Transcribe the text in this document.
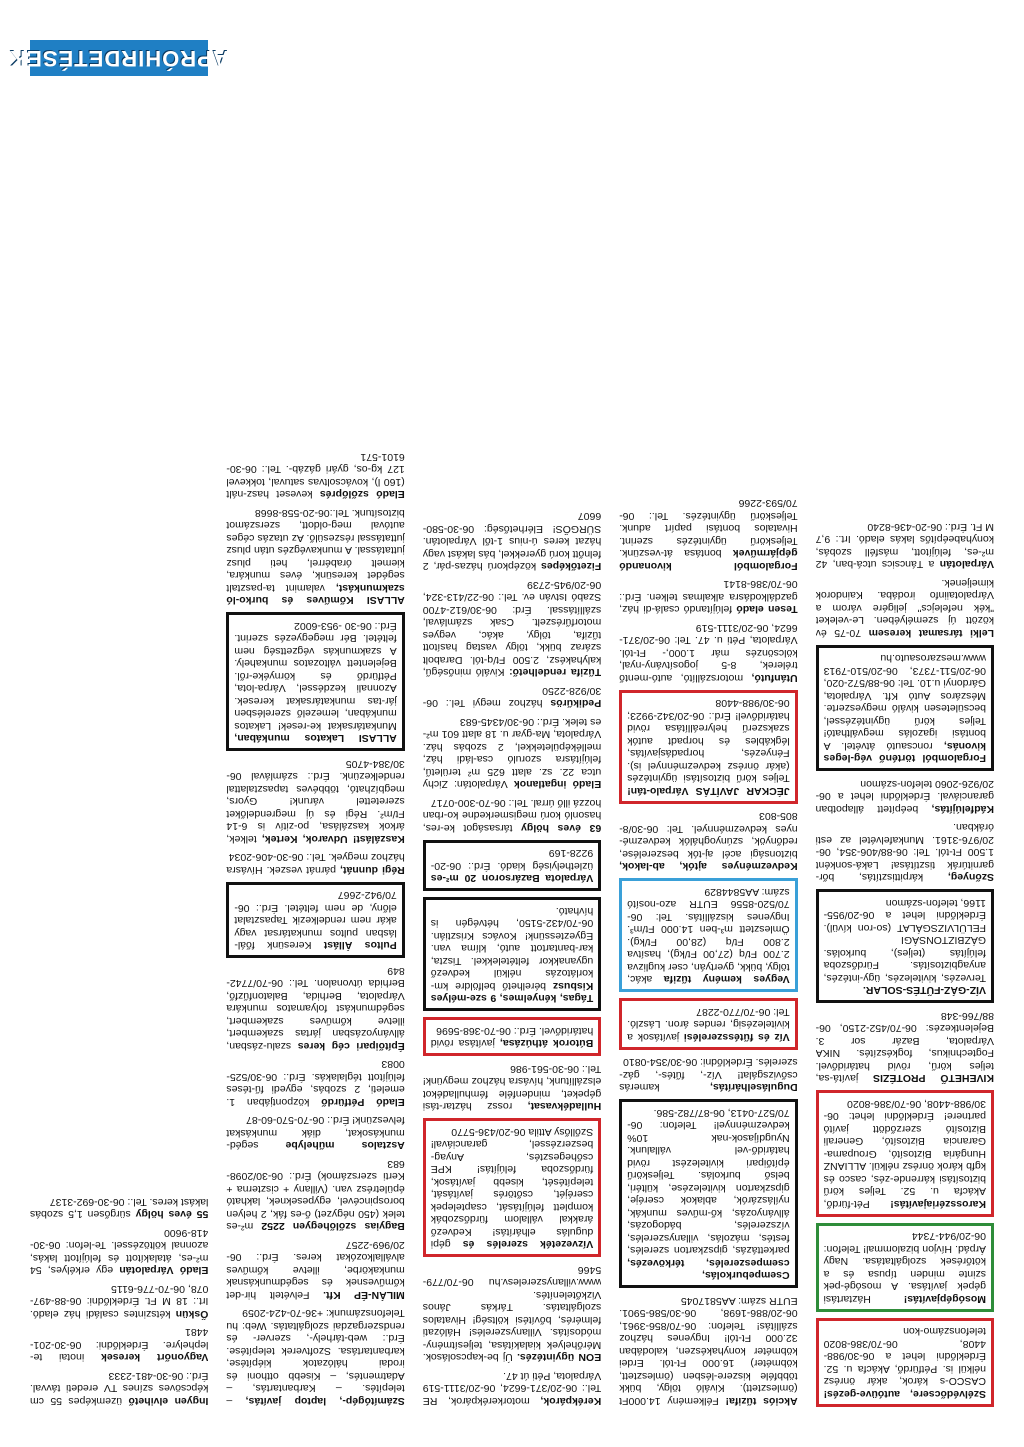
Szélvédőcsere, autóüve-gezés! CASCO-s károk, akár önrész nélkül is. Pétfürdő, Akácfa u. 52. Érdeklődni lehet a 06-30/988-4408, 06-70/386-8020 telefonszámo-kon
Mosógépjavítás! Háztartási gépek javítása. A mosógé-pek szinte minden típusa és a kötőrések szolgáltatása. Nagy Árpád. Hívjon bizalommal! Telefon: 06-20/944-7344
Karosszériajavítás! Pét-fürdő, Akácfa u. 52. Teljes körű biztosítási kárrende-zés, casco és kgfb károk önrész nélkül. ALLIANZ Hungária Biztosító, Groupama-Garancia Biztosító, Generali Biztosító szerződött javító partnere! Érdeklődni lehet: 06-30/988-4408, 06-70/386-8020
KIVEHETŐ PROTÉZIS javítá-sa, teljes körű, rövid határidővel. Fogtechnikus, fogkészítés. NIKA Várpalota, Bazár sor 3. Bejelentkezés: 06-70/452-2150, 06-88/766-348
VÍZ-GÁZ-FŰTÉS-SOLAR. Tervezés, kivitelezés, ügy-intézés, anyagbiztosítás. Fürdőszoba felújítás (teljes), burkolás. GÁZBIZTONSÁGI FELÜLVIZSGÁLAT (so-ron kívül). Érdeklődni lehet a 06-20/955-1166, telefon-számon
Szőnyeg, kárpittisztítás, bőr-garnitúrák tisztítása! Laká-sonként 1.500 Ft-tól. Tel: 06-88/406-354, 06-20/976-3161. Munkafelvétel az esti órákban.
Kádfelújítás, beépített állapotban garanciával. Érdeklődni lehet a 06-20/926-2060 telefon-számon
Forgalomból történő vég-leges kivonás, roncsautó átvétel. A bontási igazolás megváltható! Teljes körű ügyintézéssel, becsületesen kiváló megyeszerte. Mészáros Autó Kft. Várpalota, Gárdonyi u.10. Tel: 06-88/572-020, 06-20/511-7373, 06-20/510-7913 www.meszarosauto.hu
Lelki társamat keresem 70-75 év között új személyében. Le-veleket "kék nefelejcs" jeligére várom a Várpalotaiinfo irodába. Kaindorok kimeljenek.
Várpalotán a Táncsics utcá-ban, 42 m²-es, felújított, másféll szobás, konyhabeépítős lakás eladó. Irt.: 9,7 M Ft. Érd.: 06-20-436-8240
Akciós tűzifa! Félkemény 14.000Ft (ömlesztett). Kiváló tölgy, bükk többféle kiszere-lésben (ömlesztett, köbméter) 16.000 Ft-tól. Erdei köbméter konyhakészen, kalodában 32.000 Ft-tól! Ingyenes házhoz szállítás! Telefon: 06-70/856-3961, 06-20/886-1698, 06-30/586-5901. EUTR szám: AA5817045
Csempeburkolás, csempeszerelés, térkövezés, parkettázás, gipszkarton szerelés, festés, mázolás, villanyszerelés, vízszerelés, bádogozás, állványozás, kő-műves munkák, nyílászárók, ablakok cseréje, gipszkarton kivitelezése, kültéri, belső burkolás. Teljeskörű építőipari kivitelezést rövid határidő-vel vállalunk. Nyugdíjasok-nak 10% kedvezménnyel! Telefon: 06-70/527-0413, 06-87/782-586.
Duguláselhárítás, kamerás csővizsgálat! Víz-, fűtés-, gáz-szerelés. Érdeklődni: 06-30/354-0810
Víz és fűtésszerelési javítások a kivitelezésig, rendes áron. László. Tel: 06-70/770-2287
Vegyes kemény tűzifa akác, tölgy, bükk, gyertyán, cser kuglizva 2.700 Ft/q (27,00 Ft/kg), hasítva 2.800 Ft/q (28,00 Ft/kg). Ömlesztett m³-ben 14.000 Ft/m³. Ingyenes kiszállítás. Tel: 06-70/520-8556 EUTR azo-nosító szám: AA5844829
Kedvezményes ajtók, ab-lakok, biztonsági acél aj-tók beszerelése, redőnyök, szúnyoghálók kedvezmé-nyes kedvezménnyel. Tel: 06-30/8-805-803
JÉCKAR JAVÍTÁS Várpalo-tán! Teljes körű biztosítási ügyintézés (akár önrész kedvezménnyel is). Fényezés, horpadásjavítás, légkábles és horpadt autók szakszerű helyreállítása rövid határidővel! Érd.: 06-20/342-9923; 06-30/988-4408
Utánfutó, motorszállító, autó-mentő trélerek, 8-5 jogosítvány-nyal, kölcsönzés már 1.000,- Ft-tól. Várpalota, Péti u. 47. Tel: 06-20/371-6624, 06-20/3111-519
Tesen eladó felújítandó csalá-di ház, gazdálkodásra alkalmas telken. Érd.: 06-70/386-8141
Forgalomból kivonandó gépjárművek bontása át-veszünk. Teljeskörű ügyintézés szerint. Hivatalos bontási papírt adunk. Teljeskörű ügyintézés. Tel.: 06-70/593-2266
Kerékpárok, motorkerékpárok, RE Tel.: 06-20/371-6624, 06-20/3111-519 Várpalota, Péti út 47.
EON ügyintézés. Új be-kapcsolások. Mérőhelyek kialakítása, teljesítmény-módosítás. Villanyszerelés! Hálózati felmérés, bővítési költség! Hivatalos szolgáltatás. Tárkás János Vizkőtelenítés. www.villanyszerelesv.hu 06-70/779-5466
Vízvezeték szerelés és gépi dugulás elhárítás! Kedvező árakkal vállalom fürdőszobák komplett felújítását, csaptelepek cseréjét, csőtörés javítását, telepítését, kisebb javítások, fürdőszoba felújítás! KPE csőhegesztés, Anyag-beszerzéssel, garanciával! Szőllősy Attila 06-20/436-5770
Hulladékvasat, rossz háztar-tási gépeket, mindenféle fémhulladékot elszállítunk, hívásra házhoz megyünk! Tel.: 06-30-561-986
Bútorok áthúzása, javítása rövid határidővel. Érd.: 06-70-368-5696
Tágas, kényelmes, 9 sze-mélyes Kisbusz bérelhető belföldre km-korlátozás nélkül kedvező ugyanakkor feltételekkel. Tiszta, kar-bantartott autó, klíma van. Egyeztessünk! Kovács Krisztián. 06-70/432-5150, hétvégén is hívható.
Várpalota Bazársoron 20 m²-es üzlethelyiség kiadó. Érd.: 06-20-9228-169
63 éves hölgy társaságot ke-res, hasonló korú megismerkedne ko-rban hozzá illő úrral. Tel.: 06-70-300-0717
Eladó ingatlanok Várpalotán: Zichy utca 22. sz. alatt 625 m² területű, felújításra szoruló csa-ládi ház, melléképületekkel, 2 szobás ház. Várpalota, Ma-gyar u. 18 alatt 601 m²-es telek. Érd.: 06-30/4345-683
Pedikűrös házhoz megyi Tel.: 06-30/928-2250
Tűzifa rendelhető: Kiváló minőségű, kalyhakész, 2.500 Ft/q-tól. Darabolt száraz bükk, tölgy vastag hasított tűzifa, tölgy, akác, vegyes motorfűrészelt. Csak számlával, szállítással. Érd: 06-30/612-4700 Szabó István ev. Tel.: 06-22/413-324, 06-20/945-2739
Fizetőképes középkorú házas-pár, 2 felnőtt korú gyerekkel, bás lakást vagy házat keres ú-nius 1-től Várpalotán. SÜRGŐS! Elérhetőség: 06-30-580-6607
Számítógép-, laptop javítás, – telepítés. – Karbantartás, – Adatmentés, – Kisebb otthoni és irodai hálózatok kiépítése, karbantartása. Szoftverek telepítése. Érd.: web-tárhely-, szerver- és rendszergazdai szolgáltatás. Web: hu Telefonszámunk: +36-70-424-2059
MILÁN-ÉP Kft. Felvételt hir-det kőművesnek és segédmunkásnak munkakörbe, illetve kőműves alvállalkozókat keres. Érd.: 06-20/969-2257
Bagyias szőlőhegyen 2252 m²-es telek (450 négyzet) ő-es fák, 2 helyen borospincével, egypeseknek, lakható épületrész van. (Villany + ciszterna + Kerti szerszámok) Érd.: 06-30/2098-683
Asztalos műhelybe segéd-munkásokat, diák munkáskat felveszünk! Érd.: 06-70-570-60-87
Eladó Pétfürdő központjában 1. emeleti, 2 szobás, egyedi fű-téses felújított téglalakás. Érd.: 06-30/525-0083
Építőipari cég keres szalu-zásban, állványozásban jártas szakembert, illetve kőműves szakembert, segédmunkást folyamatos munkára Várpalota, Berhida, Balatonfűzfő, Berhida útvonalon. Tel.: 06-70/7742-849
Pultos Állást Keresünk főál-lásban pultos munkatársat vagy akár nem rendelkezik Tapasztalat előny, de nem feltétel. Érd.: 06-70/942-2667
Régi dunnát, párnát veszek. Hívásra házhoz megyek. Tel.: 06-30-406-2034
Kaszálást! Udvarok, Kertek, telkek, árkok kaszálása, po-zitív is 6-14 Ft/m². Régi és új megrendelőket szeretettel várunk! Gyors, megbízható, többéves tapasztalattal rendelkezünk. Érd.: számlával 06-30/384-4705
ALLASI Lakatos munkában, Munkatársakat ke-resek! Lakatos munkában, lemezelő szerelésben jár-tas munkatársakat keresek. Azonnali kezdéssel, Várpa-lota, Pétfürdő és környéke-ről. Bejelentett változatos munkahely. A szakmunkás végzettség nem feltétel. Bér megegyezés szerint. Érd.: 06-30 -953-6002
ALLASI Kőműves és burko-ló szakmunkást, valamint ta-pasztalt segédet keresünk, éves munkára, kiemelt órabérrel, heti plusz juttatással. A munkavégzés után plusz juttatással részesülő. Az utazás céges autóval meg-oldott, szerszámot biztosítunk. Tel.:06-20-558-8668
Eladó szőlőprés keveset hasz-nált (160 l), kovácsoltvas satuval, tokkevel 127 kg-os, gyári gázáb-. Tel.: 06-30-6101-571
Ingyen elvihető üzemképes 55 cm képcsöves színes TV eredeti távval. Érd.: 06-30-481-2333
Vagyonőrt keresek inotai te-lephelyre. Érdeklődni: 06-30-201-4481
Őskün kétszintes családi ház eladó. Irt.: 18 M Ft. Érdeklődni: 06-88-497-078, 06-70-776-6115
Eladó Várpalotán egy erkélyes, 54 m²-es, átalakított és felújított lakás, azonnal költözéssel. Te-lefon: 06-30-418-9600
55 éves hölgy sürgősen 1,5 szobás lakást keres. Tel.: 06-30-692-3137
APRÓHIRDETÉSEK
